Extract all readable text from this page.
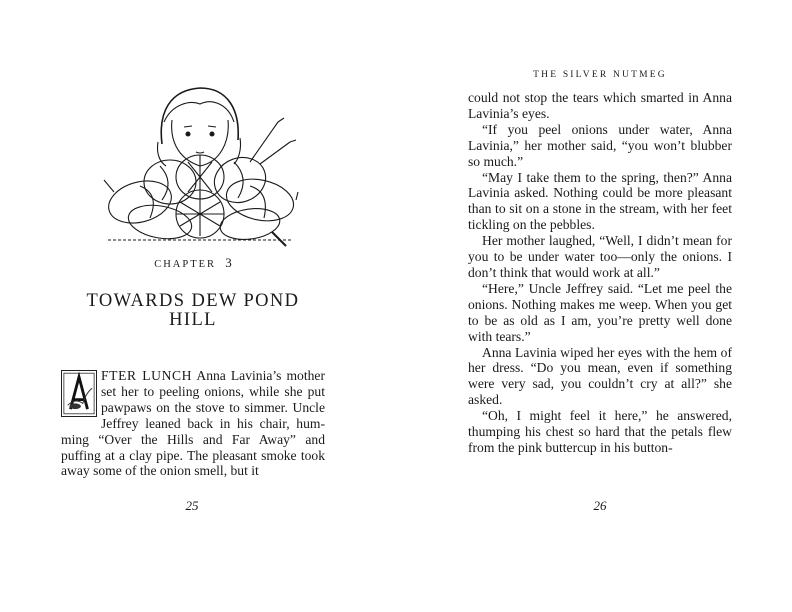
CHAPTER 3
TOWARDS DEW POND HILL

FTER LUNCH Anna Lavinia’s mother set her to peeling onions, while she put pawpaws on the stove to simmer. Uncle Jeffrey leaned back in his chair, humming “Over the Hills and Far Away” and puffing at a clay pipe. The pleasant smoke took away some of the onion smell, but it

25
THE SILVER NUTMEG

could not stop the tears which smarted in Anna Lavinia’s eyes.

“If you peel onions under water, Anna Lavinia,” her mother said, “you won’t blubber so much.”

“May I take them to the spring, then?” Anna Lavinia asked. Nothing could be more pleasant than to sit on a stone in the stream, with her feet tickling on the pebbles.

Her mother laughed, “Well, I didn’t mean for you to be under water too—only the onions. I don’t think that would work at all.”

“Here,” Uncle Jeffrey said. “Let me peel the onions. Nothing makes me weep. When you get to be as old as I am, you’re pretty well done with tears.”

Anna Lavinia wiped her eyes with the hem of her dress. “Do you mean, even if something were very sad, you couldn’t cry at all?” she asked.

“Oh, I might feel it here,” he answered, thumping his chest so hard that the petals flew from the pink buttercup in his button-

26
